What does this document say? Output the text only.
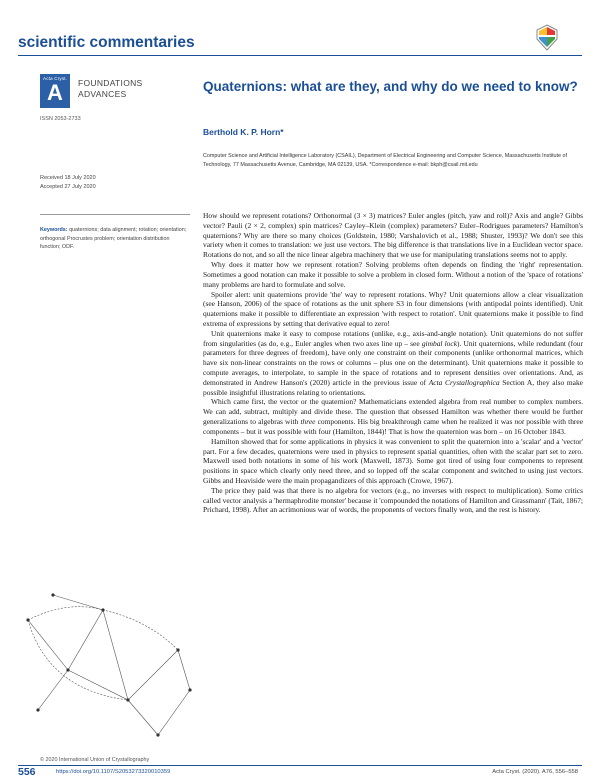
scientific commentaries
Acta Cryst.
A FOUNDATIONS
ADVANCES
ISSN 2053-2733
Quaternions: what are they, and why do we need to know?
Berthold K. P. Horn*
Computer Science and Artificial Intelligence Laboratory (CSAIL), Department of Electrical Engineering and Computer Science, Massachusetts Institute of Technology, 77 Massachusetts Avenue, Cambridge, MA 02139, USA. *Correspondence e-mail: bkph@csail.mit.edu
Received 18 July 2020
Accepted 27 July 2020
Keywords: quaternions; data alignment; rotation; orientation; orthogonal Procrustes problem; orientation distribution function; ODF.
© 2020 International Union of Crystallography

How should we represent rotations? Orthonormal (3 × 3) matrices? Euler angles (pitch, yaw and roll)? Axis and angle? Gibbs vector? Pauli (2 × 2, complex) spin matrices? Cayley–Klein (complex) parameters? Euler–Rodrigues parameters? Hamilton's quaternions? Why are there so many choices (Goldstein, 1980; Varshalovich et al., 1988; Shuster, 1993)? We don't see this variety when it comes to translation: we just use vectors. The big difference is that translations live in a Euclidean vector space. Rotations do not, and so all the nice linear algebra machinery that we use for manipulating translations seems not to apply.

Why does it matter how we represent rotation? Solving problems often depends on finding the 'right' representation. Sometimes a good notation can make it possible to solve a problem in closed form. Without a notion of the 'space of rotations' many problems are hard to formulate and solve.

Spoiler alert: unit quaternions provide 'the' way to represent rotations. Why? Unit quaternions allow a clear visualization (see Hanson, 2006) of the space of rotations as the unit sphere S3 in four dimensions (with antipodal points identified). Unit quaternions make it possible to differentiate an expression 'with respect to rotation'. Unit quaternions make it possible to find extrema of expressions by setting that derivative equal to zero!

Unit quaternions make it easy to compose rotations (unlike, e.g., axis-and-angle notation). Unit quaternions do not suffer from singularities (as do, e.g., Euler angles when two axes line up – see gimbal lock). Unit quaternions, while redundant (four parameters for three degrees of freedom), have only one constraint on their components (unlike orthonormal matrices, which have six non-linear constraints on the rows or columns – plus one on the determinant). Unit quaternions make it possible to compute averages, to interpolate, to sample in the space of rotations and to represent densities over orientations. And, as demonstrated in Andrew Hanson's (2020) article in the previous issue of Acta Crystallographica Section A, they also make possible insightful illustrations relating to orientations.

Which came first, the vector or the quaternion? Mathematicians extended algebra from real number to complex numbers. We can add, subtract, multiply and divide these. The question that obsessed Hamilton was whether there would be further generalizations to algebras with three components. His big breakthrough came when he realized it was not possible with three components – but it was possible with four (Hamilton, 1844)! That is how the quaternion was born – on 16 October 1843.

Hamilton showed that for some applications in physics it was convenient to split the quaternion into a 'scalar' and a 'vector' part. For a few decades, quaternions were used in physics to represent spatial quantities, often with the scalar part set to zero. Maxwell used both notations in some of his work (Maxwell, 1873). Some got tired of using four components to represent positions in space which clearly only need three, and so lopped off the scalar component and switched to using just vectors. Gibbs and Heaviside were the main propagandizers of this approach (Crowe, 1967).

The price they paid was that there is no algebra for vectors (e.g., no inverses with respect to multiplication). Some critics called vector analysis a 'hermaphrodite monster' because it 'compounded the notations of Hamilton and Grassmann' (Tait, 1867; Prichard, 1998). After an acrimonious war of words, the proponents of vectors finally won, and the rest is history.

556	https://doi.org/10.1107/S2053273320010359	Acta Cryst. (2020). A76, 556–558
